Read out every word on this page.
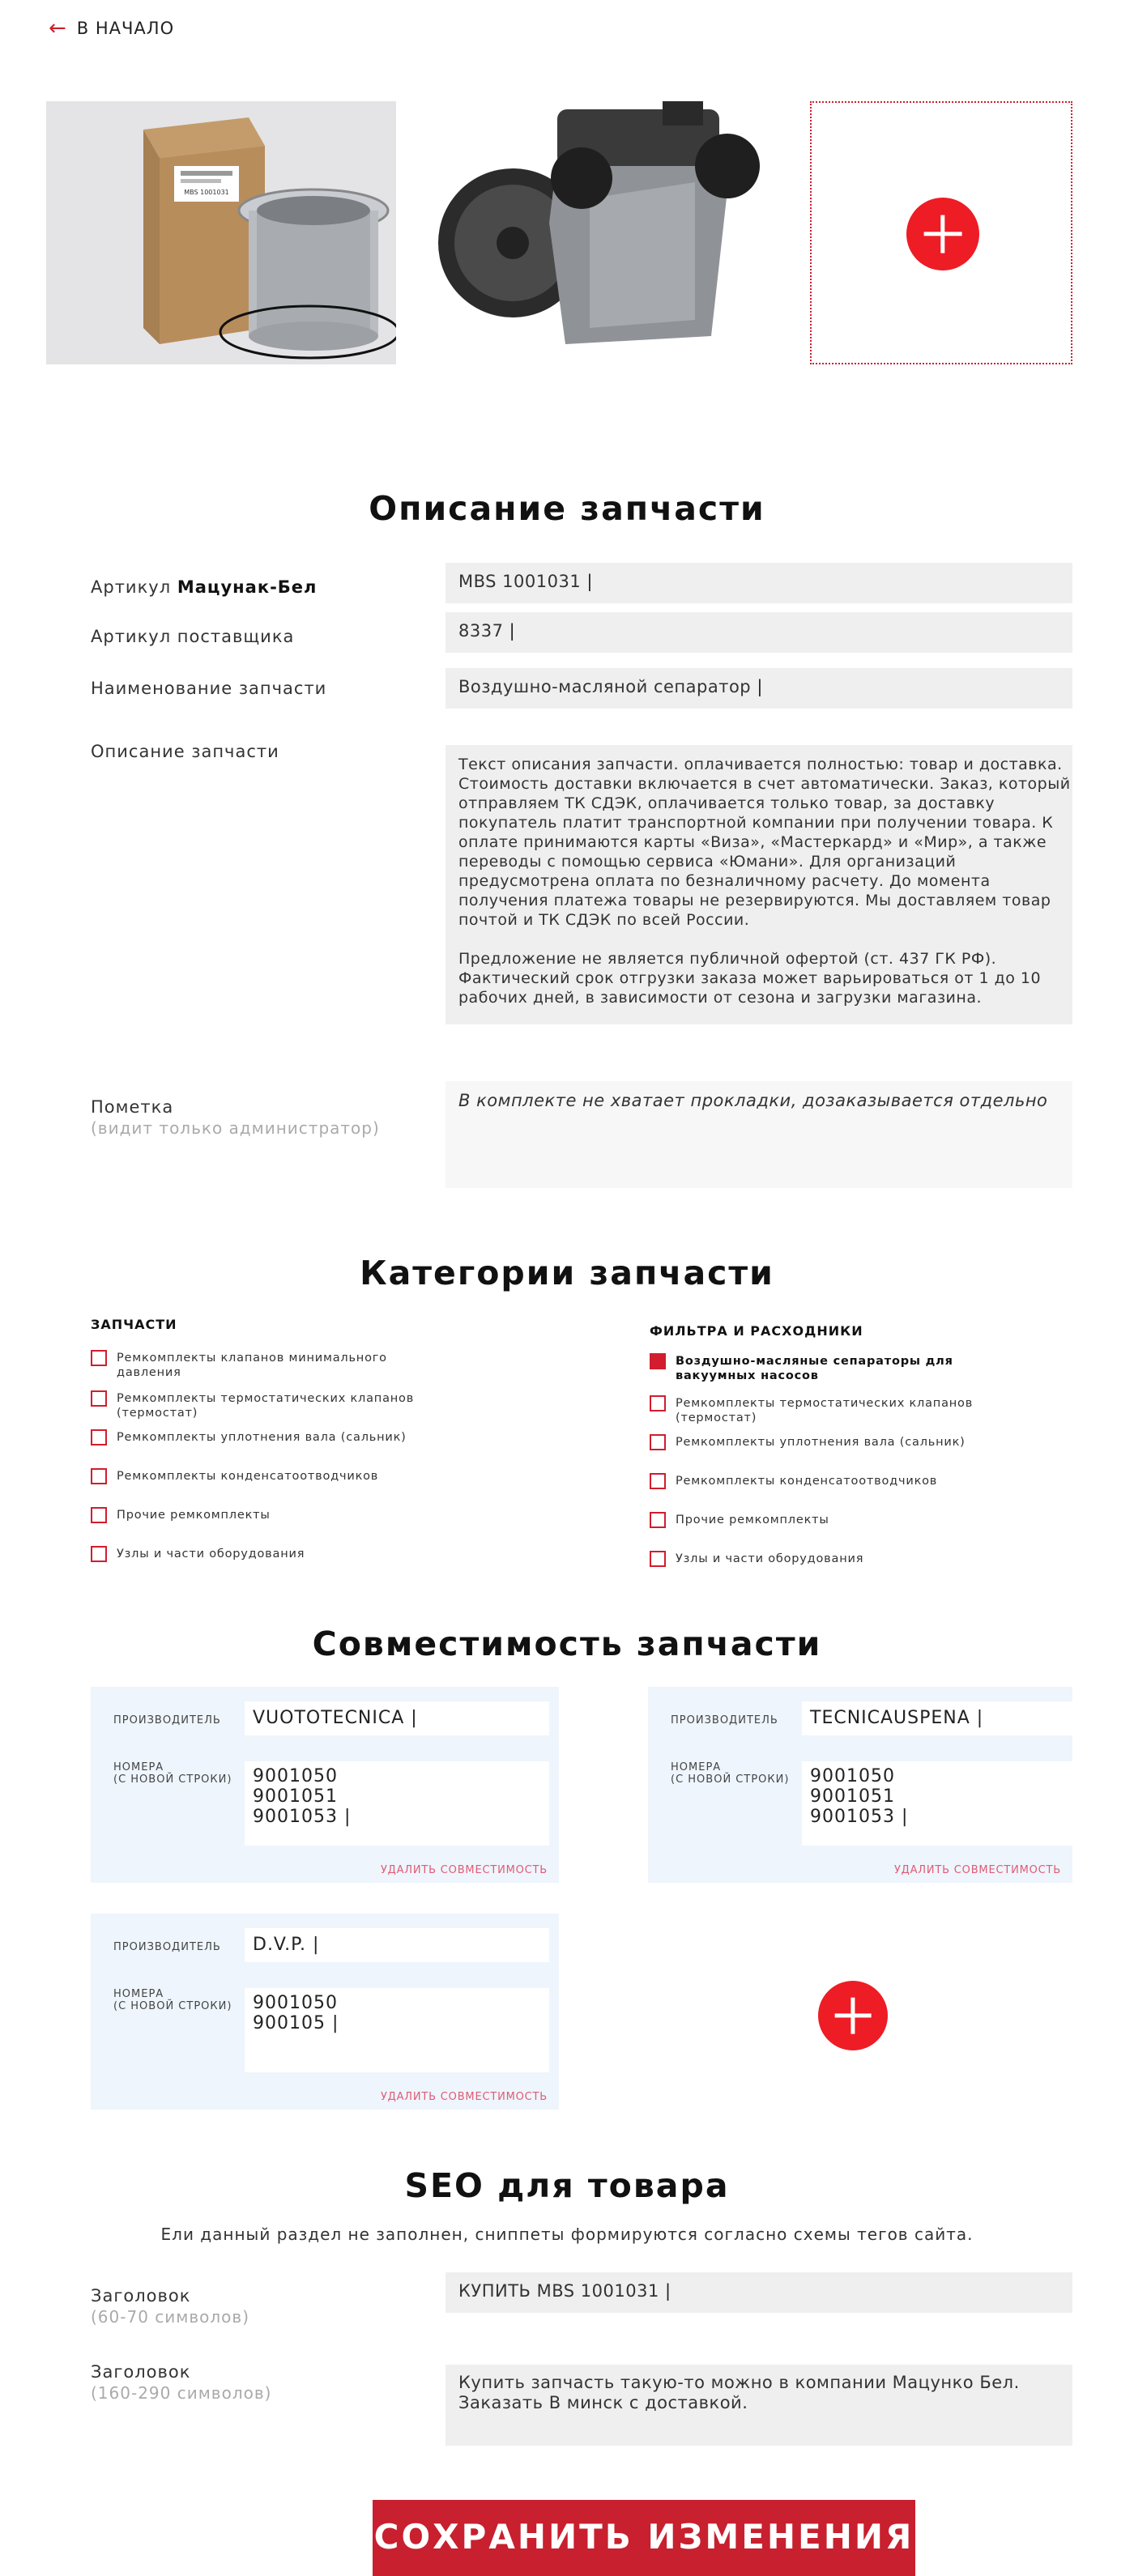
← В НАЧАЛО
MBS 1001031
Описание запчасти
Артикул Мацунак-Бел	MBS 1001031 |
Артикул поставщика	8337 |
Наименование запчасти	Воздушно-масляной сепаратор |
Описание запчасти
Текст описания запчасти. оплачивается полностью: товар и доставка.
Стоимость доставки включается в счет автоматически. Заказ, который
отправляем ТК СДЭК, оплачивается только товар, за доставку
покупатель платит транспортной компании при получении товара. К
оплате принимаются карты «Виза», «Мастеркард» и «Мир», а также
переводы с помощью сервиса «Юмани». Для организаций
предусмотрена оплата по безналичному расчету. До момента
получения платежа товары не резервируются. Мы доставляем товар
почтой и ТК СДЭК по всей России.

Предложение не является публичной офертой (ст. 437 ГК РФ).
Фактический срок отгрузки заказа может варьироваться от 1 до 10
рабочих дней, в зависимости от сезона и загрузки магазина.
Пометка
(видит только администратор)
В комплекте не хватает прокладки, дозаказывается отдельно
Категории запчасти
ЗАПЧАСТИ
Ремкомплекты клапанов минимального давления
Ремкомплекты термостатических клапанов (термостат)
Ремкомплекты уплотнения вала (сальник)
Ремкомплекты конденсатоотводчиков
Прочие ремкомплекты
Узлы и части оборудования
ФИЛЬТРА И РАСХОДНИКИ
Воздушно-масляные сепараторы для вакуумных насосов
Ремкомплекты термостатических клапанов (термостат)
Ремкомплекты уплотнения вала (сальник)
Ремкомплекты конденсатоотводчиков
Прочие ремкомплекты
Узлы и части оборудования
Совместимость запчасти
ПРОИЗВОДИТЕЛЬ	VUOTOTECNICA |
НОМЕРА
(С НОВОЙ СТРОКИ)	9001050
9001051
9001053 |
УДАЛИТЬ СОВМЕСТИМОСТЬ
ПРОИЗВОДИТЕЛЬ	TECNICAUSPENA |
НОМЕРА
(С НОВОЙ СТРОКИ)	9001050
9001051
9001053 |
УДАЛИТЬ СОВМЕСТИМОСТЬ
ПРОИЗВОДИТЕЛЬ	D.V.P. |
НОМЕРА
(С НОВОЙ СТРОКИ)	9001050
900105 |
УДАЛИТЬ СОВМЕСТИМОСТЬ
SEO для товара
Ели данный раздел не заполнен, сниппеты формируются согласно схемы тегов сайта.
Заголовок
(60-70 символов)
КУПИТЬ MBS 1001031 |
Заголовок
(160-290 символов)
Купить запчасть такую-то можно в компании Мацунко Бел.
Заказать В минск с доставкой.
СОХРАНИТЬ ИЗМЕНЕНИЯ
